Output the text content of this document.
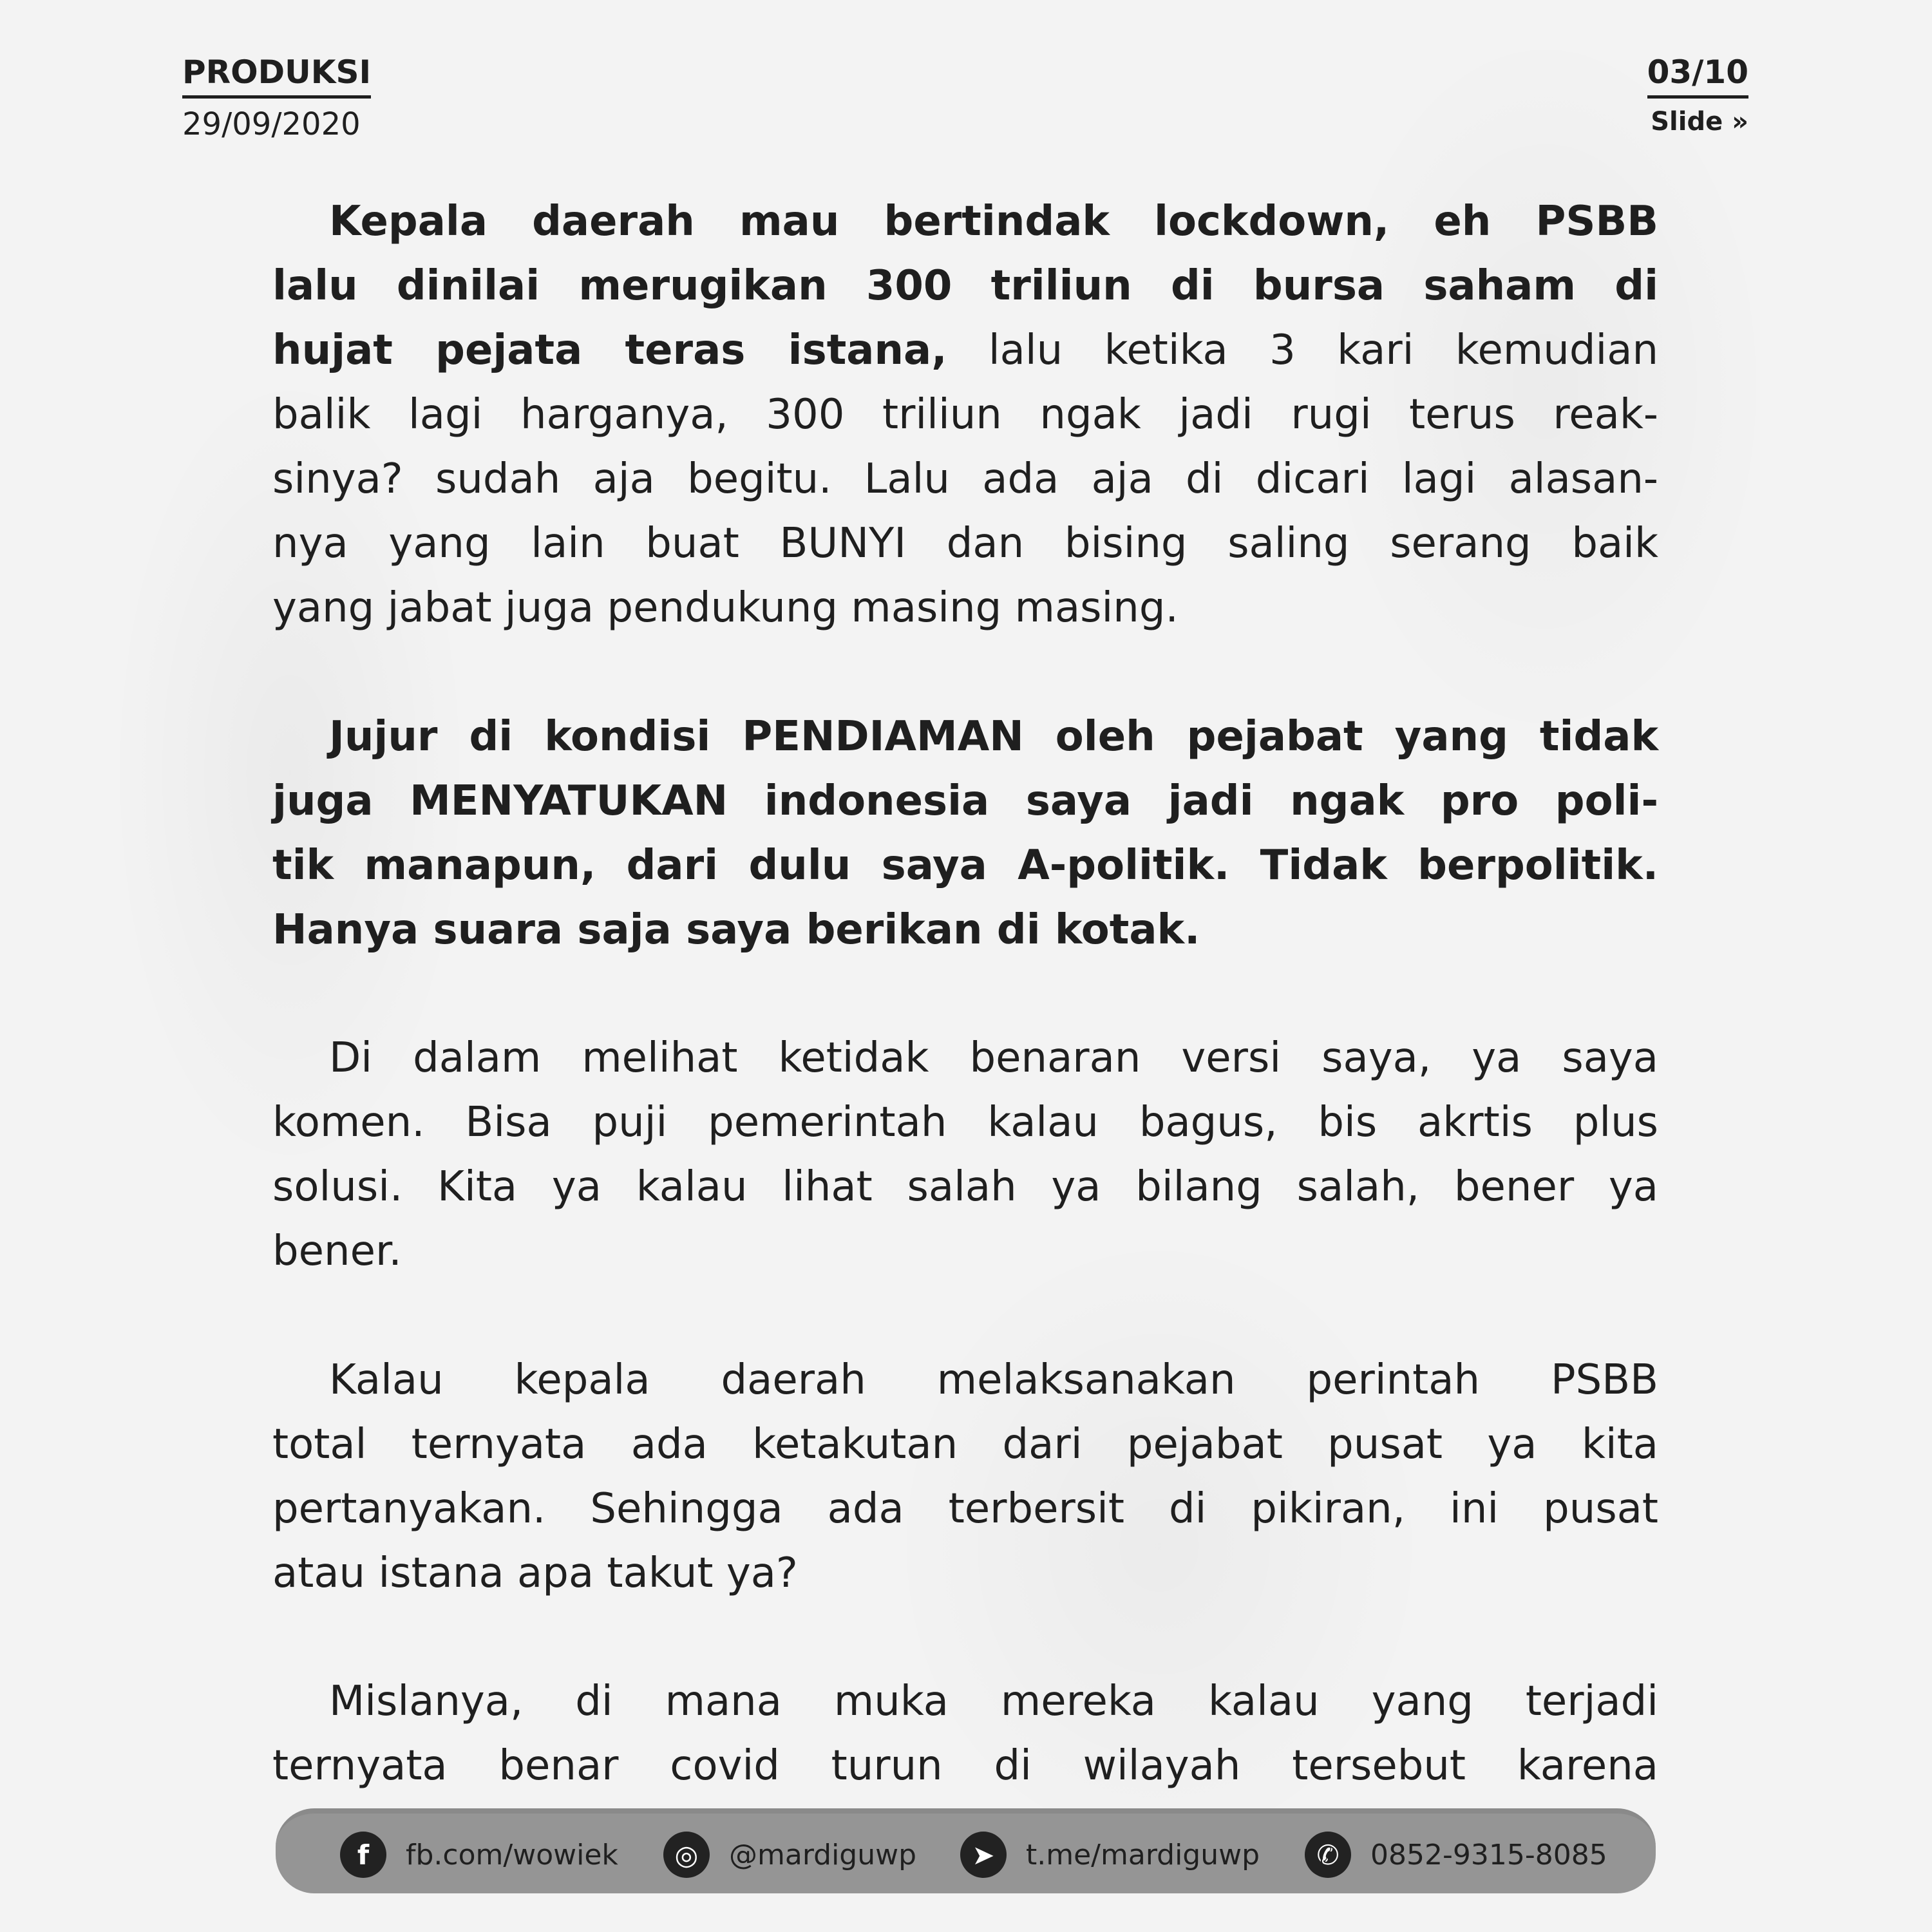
PRODUKSI
29/09/2020
03/10
Slide »
Kepala daerah mau bertindak lockdown, eh PSBB
lalu dinilai merugikan 300 triliun di bursa saham di
hujat pejata teras istana, lalu ketika 3 kari kemudian
balik lagi harganya, 300 triliun ngak jadi rugi terus reak-
sinya? sudah aja begitu. Lalu ada aja di dicari lagi alasan-
nya yang lain buat BUNYI dan bising saling serang baik
yang jabat juga pendukung masing masing.
Jujur di kondisi PENDIAMAN oleh pejabat yang tidak
juga MENYATUKAN indonesia saya jadi ngak pro poli-
tik manapun, dari dulu saya A-politik. Tidak berpolitik.
Hanya suara saja saya berikan di kotak.
Di dalam melihat ketidak benaran versi saya, ya saya
komen. Bisa puji pemerintah kalau bagus, bis akrtis plus
solusi. Kita ya kalau lihat salah ya bilang salah, bener ya
bener.
Kalau kepala daerah melaksanakan perintah PSBB
total ternyata ada ketakutan dari pejabat pusat ya kita
pertanyakan. Sehingga ada terbersit di pikiran, ini pusat
atau istana apa takut ya?
Mislanya, di mana muka mereka kalau yang terjadi
ternyata benar covid turun di wilayah tersebut karena
f	fb.com/wowiek	◎	@mardiguwp	➤	t.me/mardiguwp	✆	0852-9315-8085
